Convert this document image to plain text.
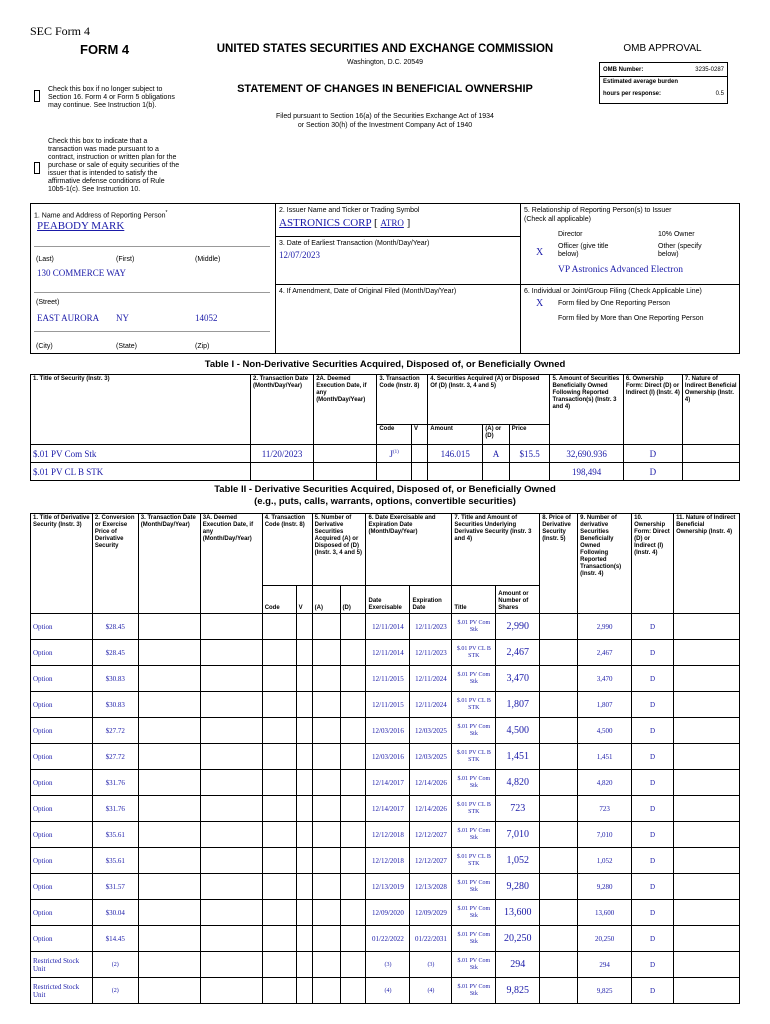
SEC Form 4
FORM 4	UNITED STATES SECURITIES AND EXCHANGE COMMISSION
Washington, D.C. 20549
STATEMENT OF CHANGES IN BENEFICIAL OWNERSHIP
Filed pursuant to Section 16(a) of the Securities Exchange Act of 1934
or Section 30(h) of the Investment Company Act of 1940
Check this box if no longer subject to
Section 16. Form 4 or Form 5 obligations
may continue. See Instruction 1(b).
Check this box to indicate that a
transaction was made pursuant to a
contract, instruction or written plan for the
purchase or sale of equity securities of the
issuer that is intended to satisfy the
affirmative defense conditions of Rule
10b5-1(c). See Instruction 10.
OMB APPROVAL
OMB Number:	3235-0287
Estimated average burden
hours per response:	0.5
1. Name and Address of Reporting Person*
PEABODY MARK
(Last)	(First)	(Middle)
130 COMMERCE WAY
(Street)
EAST AURORA NY	14052
(City)	(State)	(Zip)
2. Issuer Name and Ticker or Trading Symbol
ASTRONICS CORP [ ATRO ]
3. Date of Earliest Transaction (Month/Day/Year)
12/07/2023
4. If Amendment, Date of Original Filed (Month/Day/Year)
5. Relationship of Reporting Person(s) to Issuer
(Check all applicable)
Director	10% Owner
X
Officer (give title
below)
Other (specify
below)
VP Astronics Advanced Electron
6. Individual or Joint/Group Filing (Check Applicable Line)
X Form filed by One Reporting Person
Form filed by More than One Reporting Person
Table I - Non-Derivative Securities Acquired, Disposed of, or Beneficially Owned
1. Title of Security (Instr. 3)	2. Transaction Date (Month/Day/Year)	2A. Deemed Execution Date, if any (Month/Day/Year)	3. Transaction Code (Instr. 8)		4. Securities Acquired (A) or Disposed Of (D) (Instr. 3, 4 and 5)			5. Amount of Securities Beneficially Owned Following Reported Transaction(s) (Instr. 3 and 4)	6. Ownership Form: Direct (D) or Indirect (I) (Instr. 4)	7. Nature of Indirect Beneficial Ownership (Instr. 4)
			Code	V	Amount	(A) or (D)	Price			
$.01 PV Com Stk	11/20/2023		$J^{(1)}$		146.015	A	$15.5	32,690.936	D	
$.01 PV CL B STK								198,494	D	
Table II - Derivative Securities Acquired, Disposed of, or Beneficially Owned
(e.g., puts, calls, warrants, options, convertible securities)
1. Title of Derivative Security (Instr. 3)	2. Conversion or Exercise Price of Derivative Security	3. Transaction Date (Month/Day/Year)	3A. Deemed Execution Date, if any (Month/Day/Year)	4. Transaction Code (Instr. 8)		5. Number of Derivative Securities Acquired (A) or Disposed of (D) (Instr. 3, 4 and 5)		6. Date Exercisable and Expiration Date (Month/Day/Year)		7. Title and Amount of Securities Underlying Derivative Security (Instr. 3 and 4)		8. Price of Derivative Security (Instr. 5)	9. Number of derivative Securities Beneficially Owned Following Reported Transaction(s) (Instr. 4)	10. Ownership Form: Direct (D) or Indirect (I) (Instr. 4)	11. Nature of Indirect Beneficial Ownership (Instr. 4)
				Code	V	(A)	(D)	Date Exercisable	Expiration Date	Title	Amount or Number of Shares				
Option	$28.45							12/11/2014	12/11/2023	$.01 PV Com Stk	2,990		2,990	D	
Option	$28.45							12/11/2014	12/11/2023	$.01 PV CL B STK	2,467		2,467	D	
Option	$30.83							12/11/2015	12/11/2024	$.01 PV Com Stk	3,470		3,470	D	
Option	$30.83							12/11/2015	12/11/2024	$.01 PV CL B STK	1,807		1,807	D	
Option	$27.72							12/03/2016	12/03/2025	$.01 PV Com Stk	4,500		4,500	D	
Option	$27.72							12/03/2016	12/03/2025	$.01 PV CL B STK	1,451		1,451	D	
Option	$31.76							12/14/2017	12/14/2026	$.01 PV Com Stk	4,820		4,820	D	
Option	$31.76							12/14/2017	12/14/2026	$.01 PV CL B STK	723		723	D	
Option	$35.61							12/12/2018	12/12/2027	$.01 PV Com Stk	7,010		7,010	D	
Option	$35.61							12/12/2018	12/12/2027	$.01 PV CL B STK	1,052		1,052	D	
Option	$31.57							12/13/2019	12/13/2028	$.01 PV Com Stk	9,280		9,280	D	
Option	$30.04							12/09/2020	12/09/2029	$.01 PV Com Stk	13,600		13,600	D	
Option	$14.45							01/22/2022	01/22/2031	$.01 PV Com Stk	20,250		20,250	D	
Restricted Stock Unit	(2)							(3)	(3)	$.01 PV Com Stk	294		294	D	
Restricted Stock Unit	(2)							(4)	(4)	$.01 PV Com Stk	9,825		9,825	D	
